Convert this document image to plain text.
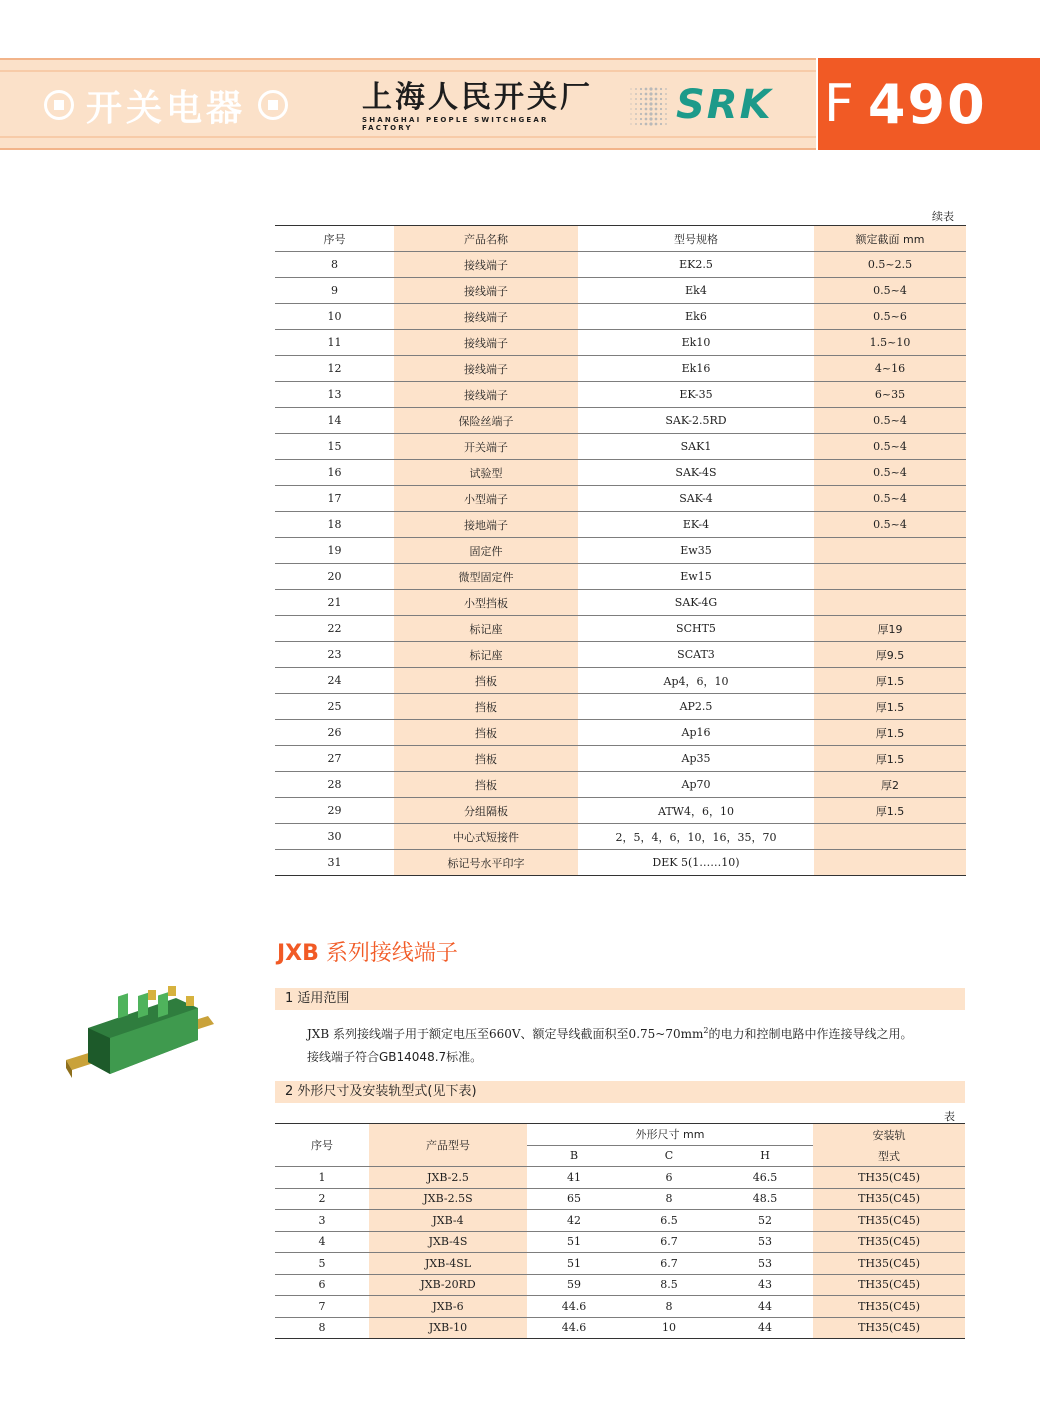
开关电器	上海人民开关厂
SHANGHAI PEOPLE SWITCHGEAR FACTORY	SRK F 490
续表
序号	产品名称	型号规格	额定截面 mm
8	接线端子	EK2.5	0.5~2.5
9	接线端子	Ek4	0.5~4
10	接线端子	Ek6	0.5~6
11	接线端子	Ek10	1.5~10
12	接线端子	Ek16	4~16
13	接线端子	EK-35	6~35
14	保险丝端子	SAK-2.5RD	0.5~4
15	开关端子	SAK1	0.5~4
16	试验型	SAK-4S	0.5~4
17	小型端子	SAK-4	0.5~4
18	接地端子	EK-4	0.5~4
19	固定件	Ew35	
20	微型固定件	Ew15	
21	小型挡板	SAK-4G	
22	标记座	SCHT5	厚19
23	标记座	SCAT3	厚9.5
24	挡板	Ap4，6，10	厚1.5
25	挡板	AP2.5	厚1.5
26	挡板	Ap16	厚1.5
27	挡板	Ap35	厚1.5
28	挡板	Ap70	厚2
29	分组隔板	ATW4，6，10	厚1.5
30	中心式短接件	2，5，4，6，10，16，35，70	
31	标记号水平印字	DEK 5(1……10)	
JXB 系列接线端子
1 适用范围
JXB 系列接线端子用于额定电压至660V、额定导线截面积至$0.75\sim 70mm^2$的电力和控制电路中作连接导线之用。
接线端子符合GB14048.7标准。
2 外形尺寸及安装轨型式(见下表)
表
序号	产品型号	外形尺寸 mm			安装轨
		B	C	H	型式
1	JXB-2.5	41	6	46.5	TH35(C45)
2	JXB-2.5S	65	8	48.5	TH35(C45)
3	JXB-4	42	6.5	52	TH35(C45)
4	JXB-4S	51	6.7	53	TH35(C45)
5	JXB-4SL	51	6.7	53	TH35(C45)
6	JXB-20RD	59	8.5	43	TH35(C45)
7	JXB-6	44.6	8	44	TH35(C45)
8	JXB-10	44.6	10	44	TH35(C45)
